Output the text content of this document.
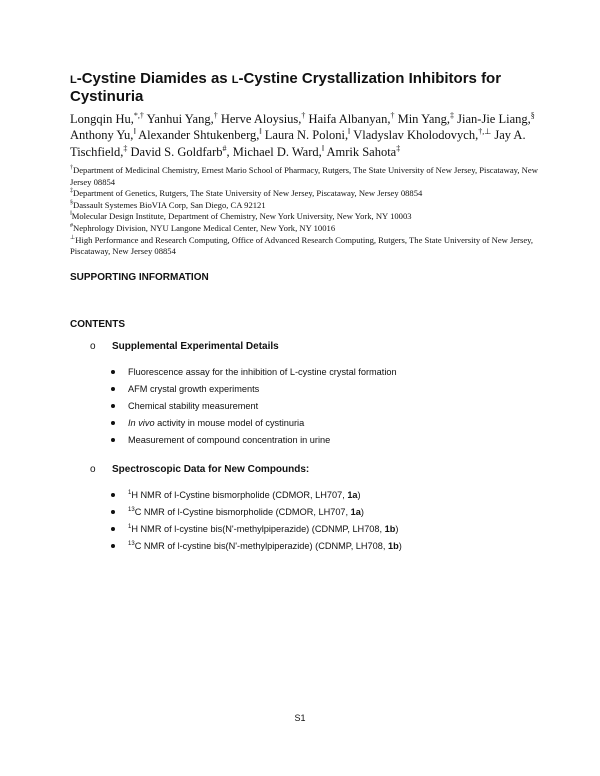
l-Cystine Diamides as l-Cystine Crystallization Inhibitors for Cystinuria
Longqin Hu,*,† Yanhui Yang,† Herve Aloysius,† Haifa Albanyan,† Min Yang,‡ Jian-Jie Liang,§ Anthony Yu,$^ǁ$ Alexander Shtukenberg,$^ǁ$ Laura N. Poloni,$^ǁ$ Vladyslav Kholodovych,†,⊥ Jay A. Tischfield,‡ David S. Goldfarb#, Michael D. Ward,$^ǁ$ Amrik Sahota‡

†Department of Medicinal Chemistry, Ernest Mario School of Pharmacy, Rutgers, The State University of New Jersey, Piscataway, New Jersey 08854

‡Department of Genetics, Rutgers, The State University of New Jersey, Piscataway, New Jersey 08854

§Dassault Systemes BioVIA Corp, San Diego, CA 92121

$^ǁ$Molecular Design Institute, Department of Chemistry, New York University, New York, NY 10003

#Nephrology Division, NYU Langone Medical Center, New York, NY 10016

⊥High Performance and Research Computing, Office of Advanced Research Computing, Rutgers, The State University of New Jersey, Piscataway, New Jersey 08854

SUPPORTING INFORMATION
CONTENTS
o Supplemental Experimental Details
Fluorescence assay for the inhibition of L-cystine crystal formation
AFM crystal growth experiments
Chemical stability measurement
In vivo activity in mouse model of cystinuria
Measurement of compound concentration in urine
o Spectroscopic Data for New Compounds:
$^1$H NMR of l-Cystine bismorpholide (CDMOR, LH707, 1a)
$^{13}$C NMR of l-Cystine bismorpholide (CDMOR, LH707, 1a)
$^1$H NMR of l-cystine bis(N'-methylpiperazide) (CDNMP, LH708, 1b)
$^{13}$C NMR of l-cystine bis(N'-methylpiperazide) (CDNMP, LH708, 1b)
S1
